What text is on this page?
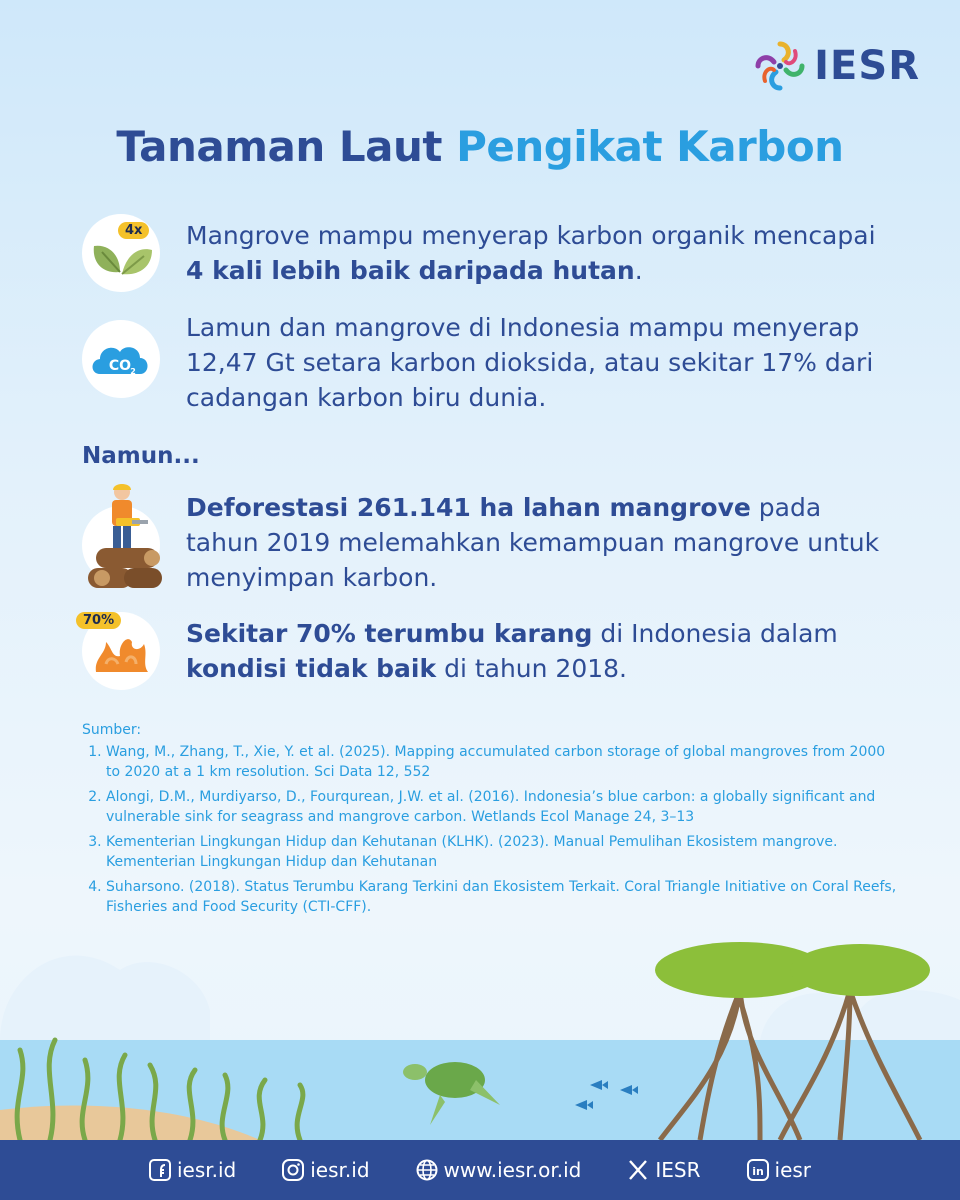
IESR
Tanaman Laut Pengikat Karbon
4x Mangrove mampu menyerap karbon organik mencapai 4 kali lebih baik daripada hutan.
CO 2
Lamun dan mangrove di Indonesia mampu menyerap 12,47 Gt setara karbon dioksida, atau sekitar 17% dari cadangan karbon biru dunia.
Namun...
Deforestasi 261.141 ha lahan mangrove pada tahun 2019 melemahkan kemampuan mangrove untuk menyimpan karbon.
70%	Sekitar 70% terumbu karang di Indonesia dalam kondisi tidak baik di tahun 2018.
Sumber:
1. Wang, M., Zhang, T., Xie, Y. et al. (2025). Mapping accumulated carbon storage of global mangroves from 2000 to 2020 at a 1 km resolution. Sci Data 12, 552
2. Alongi, D.M., Murdiyarso, D., Fourqurean, J.W. et al. (2016). Indonesia’s blue carbon: a globally significant and vulnerable sink for seagrass and mangrove carbon. Wetlands Ecol Manage 24, 3–13
3. Kementerian Lingkungan Hidup dan Kehutanan (KLHK). (2023). Manual Pemulihan Ekosistem mangrove. Kementerian Lingkungan Hidup dan Kehutanan
4. Suharsono. (2018). Status Terumbu Karang Terkini dan Ekosistem Terkait. Coral Triangle Initiative on Coral Reefs, Fisheries and Food Security (CTI-CFF).
iesr.id	iesr.id	www.iesr.or.id	IESR	in iesr
